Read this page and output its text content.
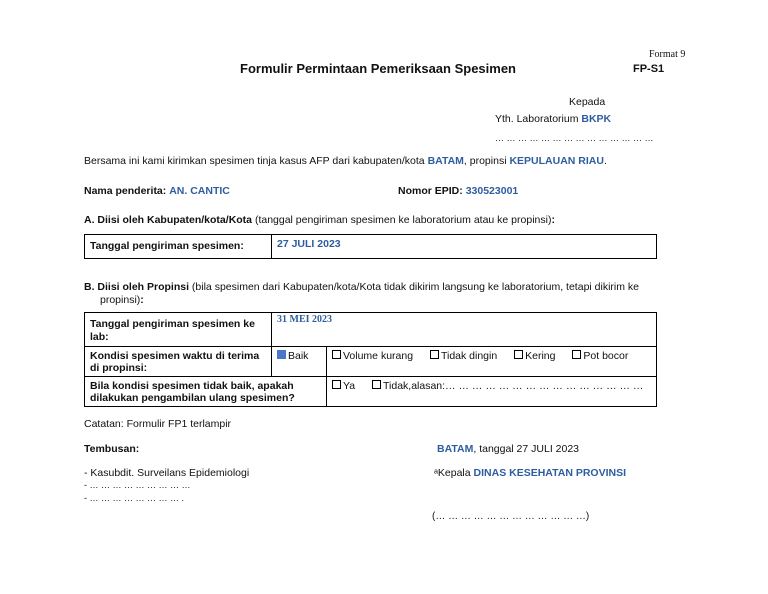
Format 9
Formulir Permintaan Pemeriksaan Spesimen	FP-S1
Kepada
Yth. Laboratorium BKPK
… … … … … … … … … … … … … …
Bersama ini kami kirimkan spesimen tinja kasus AFP dari kabupaten/kota BATAM, propinsi KEPULAUAN RIAU.
Nama penderita: AN. CANTIC	Nomor EPID: 330523001
A. Diisi oleh Kabupaten/kota/Kota (tanggal pengiriman spesimen ke laboratorium atau ke propinsi):
Tanggal pengiriman spesimen:	27 JULI 2023
B. Diisi oleh Propinsi (bila spesimen dari Kabupaten/kota/Kota tidak dikirim langsung ke laboratorium, tetapi dikirim ke
propinsi):
Tanggal pengiriman spesimen ke lab:	31 MEI 2023	
Kondisi spesimen waktu di terima di propinsi:	Baik	Volume kurang Tidak dingin Kering Pot bocor
Bila kondisi spesimen tidak baik, apakah dilakukan pengambilan ulang spesimen?		Ya Tidak,alasan:… … … … … … … … … … … … … … …
Catatan: Formulir FP1 terlampir
Tembusan:	BATAM, tanggal 27 JULI 2023
- Kasubdit. Surveilans Epidemiologi
- … … … … … … … … …
- … … … … … … … … .
ᵃKepala DINAS KESEHATAN PROVINSI
(… … … … … … … … … … … …)
